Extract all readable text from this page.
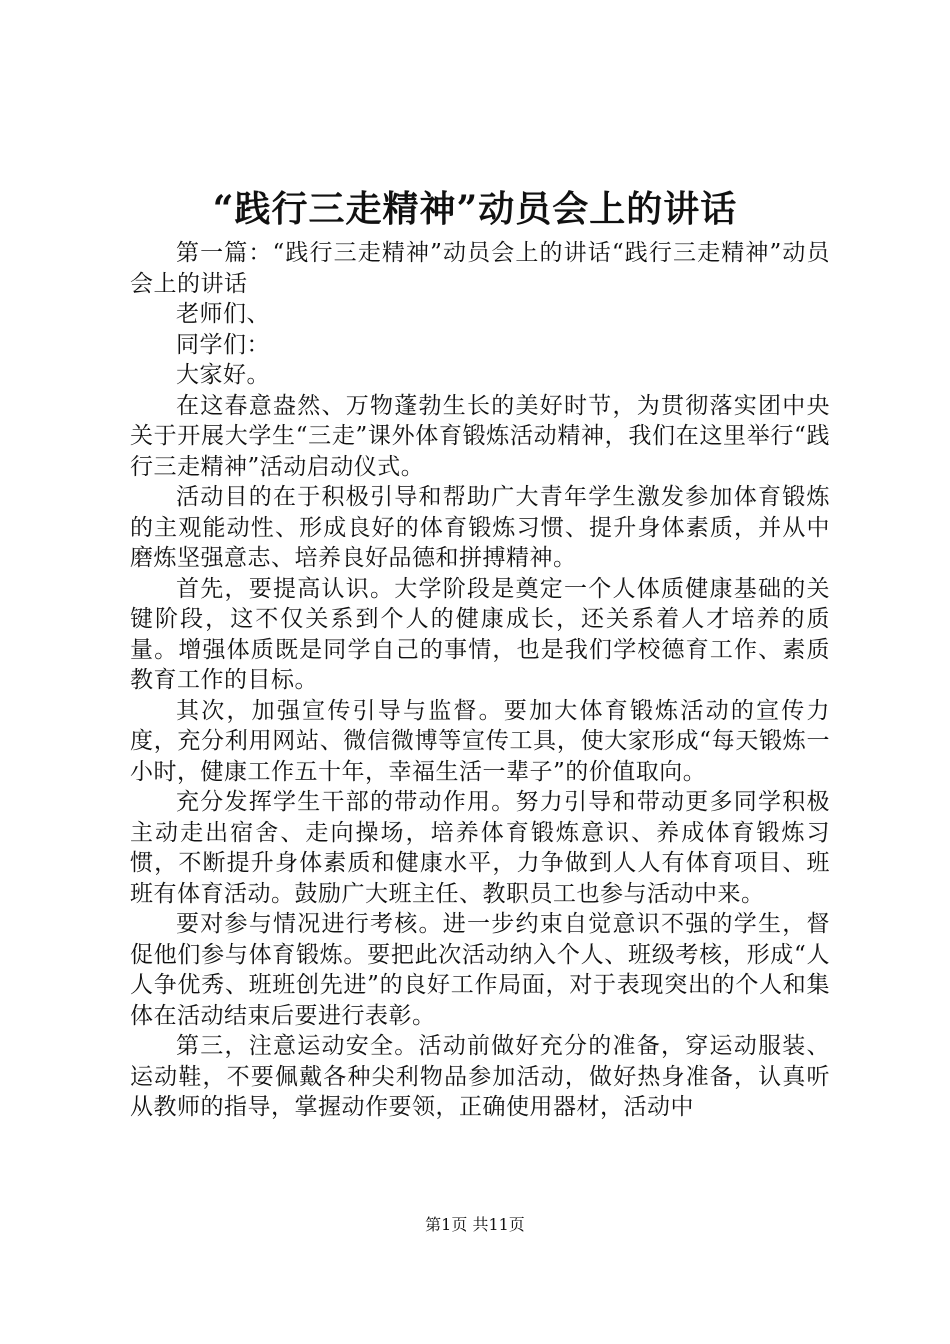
“践行三走精神”动员会上的讲话

第一篇：“践行三走精神”动员会上的讲话“践行三走精神”动员会上的讲话

老师们、

同学们：

大家好。

在这春意盎然、万物蓬勃生长的美好时节，为贯彻落实团中央关于开展大学生“三走”课外体育锻炼活动精神，我们在这里举行“践行三走精神”活动启动仪式。

活动目的在于积极引导和帮助广大青年学生激发参加体育锻炼的主观能动性、形成良好的体育锻炼习惯、提升身体素质，并从中磨炼坚强意志、培养良好品德和拼搏精神。

首先，要提高认识。大学阶段是奠定一个人体质健康基础的关键阶段，这不仅关系到个人的健康成长，还关系着人才培养的质量。增强体质既是同学自己的事情，也是我们学校德育工作、素质教育工作的目标。

其次，加强宣传引导与监督。要加大体育锻炼活动的宣传力度，充分利用网站、微信微博等宣传工具，使大家形成“每天锻炼一小时，健康工作五十年，幸福生活一辈子”的价值取向。

充分发挥学生干部的带动作用。努力引导和带动更多同学积极主动走出宿舍、走向操场，培养体育锻炼意识、养成体育锻炼习惯，不断提升身体素质和健康水平，力争做到人人有体育项目、班班有体育活动。鼓励广大班主任、教职员工也参与活动中来。

要对参与情况进行考核。进一步约束自觉意识不强的学生，督促他们参与体育锻炼。要把此次活动纳入个人、班级考核，形成“人人争优秀、班班创先进”的良好工作局面，对于表现突出的个人和集体在活动结束后要进行表彰。

第三，注意运动安全。活动前做好充分的准备，穿运动服装、运动鞋，不要佩戴各种尖利物品参加活动，做好热身准备，认真听从教师的指导，掌握动作要领，正确使用器材，活动中

第1页 共11页
